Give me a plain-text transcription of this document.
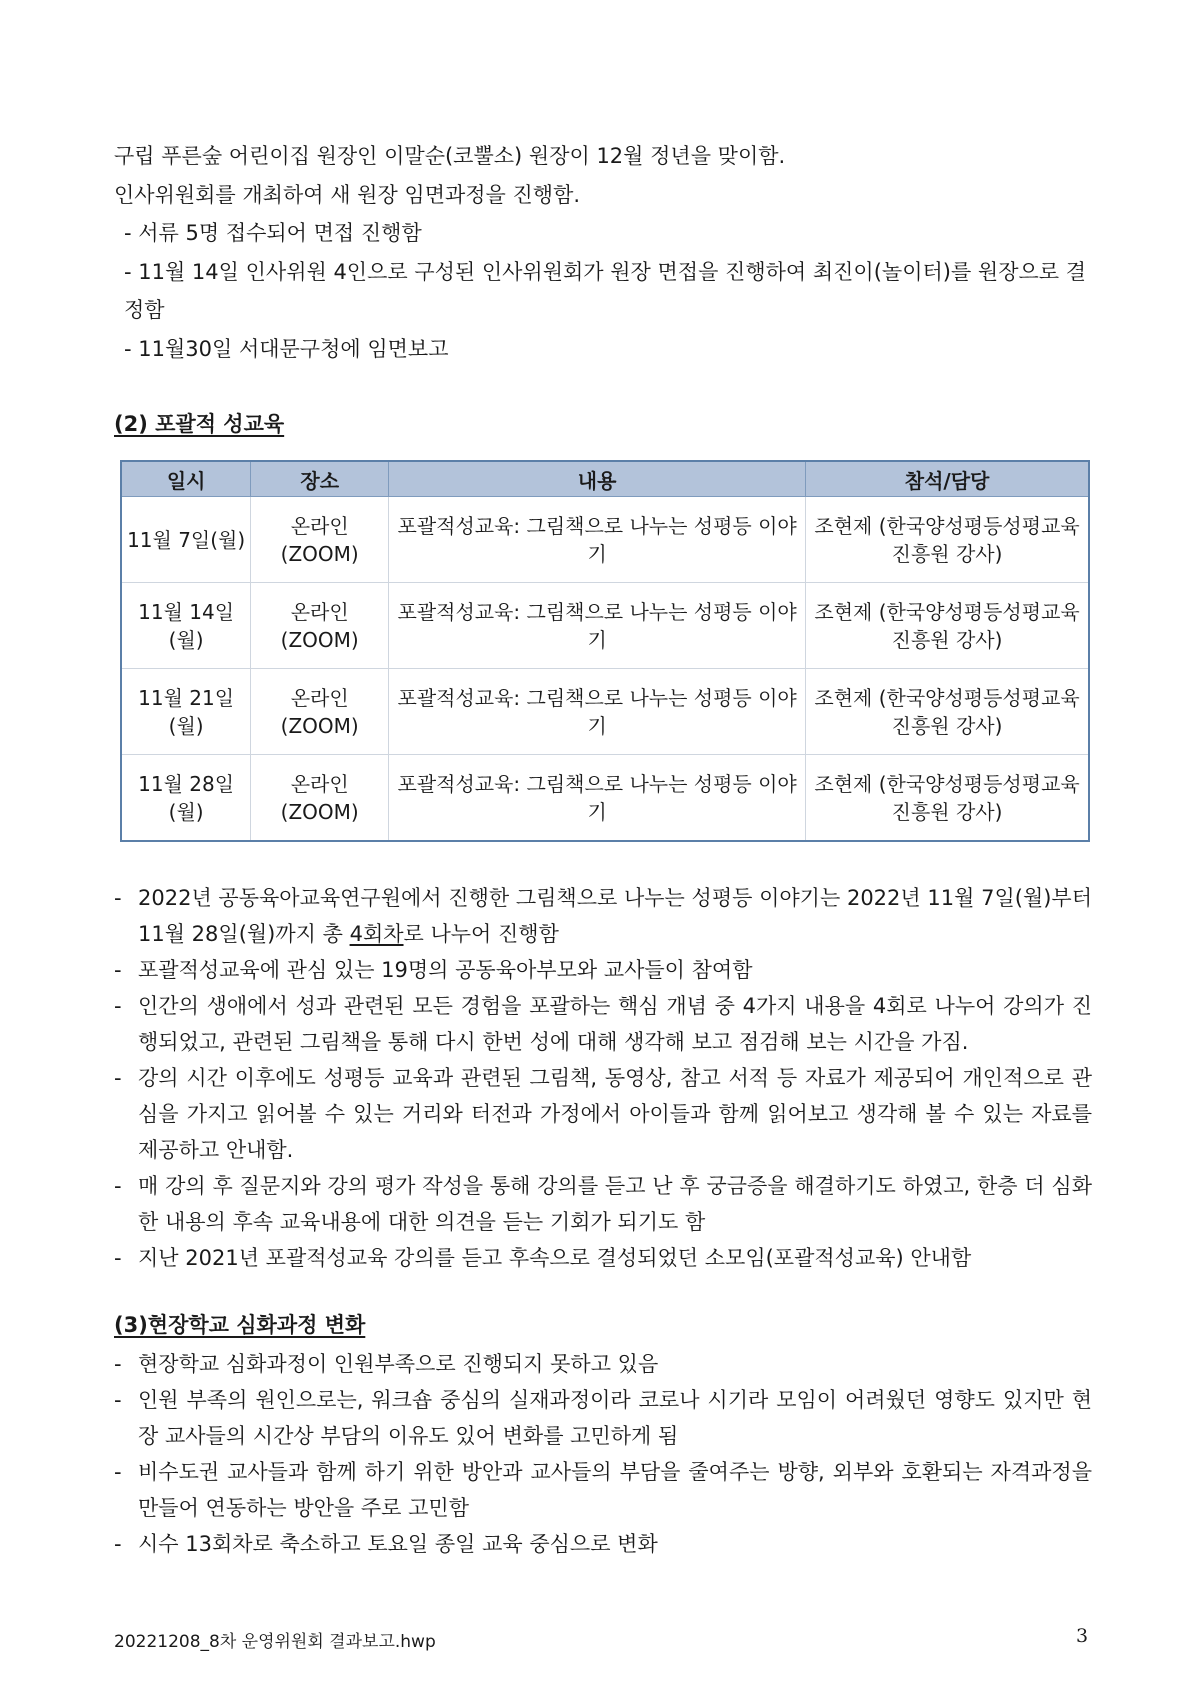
구립 푸른숲 어린이집 원장인 이말순(코뿔소) 원장이 12월 정년을 맞이함.

인사위원회를 개최하여 새 원장 임면과정을 진행함.

- 서류 5명 접수되어 면접 진행함

- 11월 14일 인사위원 4인으로 구성된 인사위원회가 원장 면접을 진행하여 최진이(놀이터)를 원장으로 결정함

- 11월30일 서대문구청에 임면보고

(2) 포괄적 성교육
일시	장소	내용	참석/담당
11월 7일(월)	온라인(ZOOM)	포괄적성교육: 그림책으로 나누는 성평등 이야기	조현제 (한국양성평등성평교육진흥원 강사)
11월 14일(월)	온라인(ZOOM)	포괄적성교육: 그림책으로 나누는 성평등 이야기	조현제 (한국양성평등성평교육진흥원 강사)
11월 21일(월)	온라인(ZOOM)	포괄적성교육: 그림책으로 나누는 성평등 이야기	조현제 (한국양성평등성평교육진흥원 강사)
11월 28일(월)	온라인(ZOOM)	포괄적성교육: 그림책으로 나누는 성평등 이야기	조현제 (한국양성평등성평교육진흥원 강사)
- 2022년 공동육아교육연구원에서 진행한 그림책으로 나누는 성평등 이야기는 2022년 11월 7일(월)부터 11월 28일(월)까지 총 4회차로 나누어 진행함
- 포괄적성교육에 관심 있는 19명의 공동육아부모와 교사들이 참여함
- 인간의 생애에서 성과 관련된 모든 경험을 포괄하는 핵심 개념 중 4가지 내용을 4회로 나누어 강의가 진행되었고, 관련된 그림책을 통해 다시 한번 성에 대해 생각해 보고 점검해 보는 시간을 가짐.
- 강의 시간 이후에도 성평등 교육과 관련된 그림책, 동영상, 참고 서적 등 자료가 제공되어 개인적으로 관심을 가지고 읽어볼 수 있는 거리와 터전과 가정에서 아이들과 함께 읽어보고 생각해 볼 수 있는 자료를 제공하고 안내함.
- 매 강의 후 질문지와 강의 평가 작성을 통해 강의를 듣고 난 후 궁금증을 해결하기도 하였고, 한층 더 심화한 내용의 후속 교육내용에 대한 의견을 듣는 기회가 되기도 함
- 지난 2021년 포괄적성교육 강의를 듣고 후속으로 결성되었던 소모임(포괄적성교육) 안내함
(3)현장학교 심화과정 변화
- 현장학교 심화과정이 인원부족으로 진행되지 못하고 있음
- 인원 부족의 원인으로는, 워크숍 중심의 실재과정이라 코로나 시기라 모임이 어려웠던 영향도 있지만 현장 교사들의 시간상 부담의 이유도 있어 변화를 고민하게 됨
- 비수도권 교사들과 함께 하기 위한 방안과 교사들의 부담을 줄여주는 방향, 외부와 호환되는 자격과정을 만들어 연동하는 방안을 주로 고민함
- 시수 13회차로 축소하고 토요일 종일 교육 중심으로 변화
20221208_8차 운영위원회 결과보고.hwp	3
